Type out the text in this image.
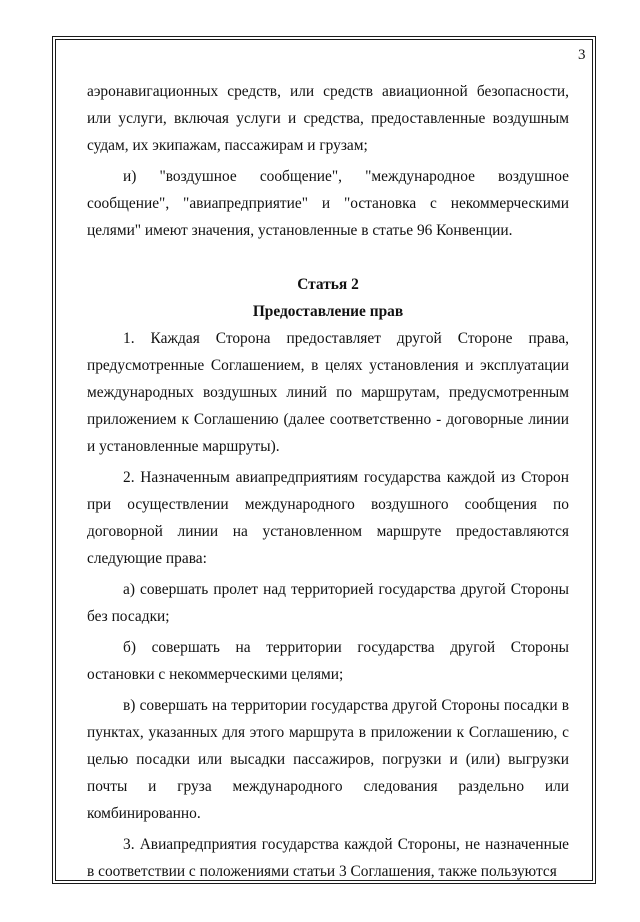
3

аэронавигационных средств, или средств авиационной безопасности, или услуги, включая услуги и средства, предоставленные воздушным судам, их экипажам, пассажирам и грузам;

и) "воздушное сообщение", "международное воздушное сообщение", "авиапредприятие" и "остановка с некоммерческими целями" имеют значения, установленные в статье 96 Конвенции.

Статья 2

Предоставление прав

1. Каждая Сторона предоставляет другой Стороне права, предусмотренные Соглашением, в целях установления и эксплуатации международных воздушных линий по маршрутам, предусмотренным приложением к Соглашению (далее соответственно - договорные линии и установленные маршруты).

2. Назначенным авиапредприятиям государства каждой из Сторон при осуществлении международного воздушного сообщения по договорной линии на установленном маршруте предоставляются следующие права:

а) совершать пролет над территорией государства другой Стороны без посадки;

б) совершать на территории государства другой Стороны остановки с некоммерческими целями;

в) совершать на территории государства другой Стороны посадки в пунктах, указанных для этого маршрута в приложении к Соглашению, с целью посадки или высадки пассажиров, погрузки и (или) выгрузки почты и груза международного следования раздельно или комбинированно.

3. Авиапредприятия государства каждой Стороны, не назначенные в соответствии с положениями статьи 3 Соглашения, также пользуются
